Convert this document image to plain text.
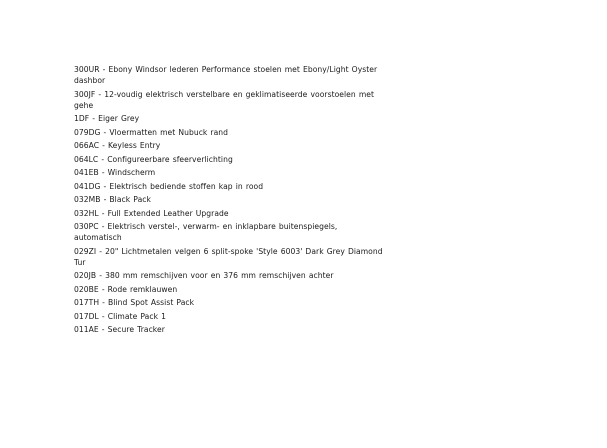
300UR - Ebony Windsor lederen Performance stoelen met Ebony/Light Oyster dashbor
300JF - 12-voudig elektrisch verstelbare en geklimatiseerde voorstoelen met gehe
1DF - Eiger Grey
079DG - Vloermatten met Nubuck rand
066AC - Keyless Entry
064LC - Configureerbare sfeerverlichting
041EB - Windscherm
041DG - Elektrisch bediende stoffen kap in rood
032MB - Black Pack
032HL - Full Extended Leather Upgrade
030PC - Elektrisch verstel-, verwarm- en inklapbare buitenspiegels, automatisch
029ZI - 20" Lichtmetalen velgen 6 split-spoke 'Style 6003' Dark Grey Diamond Tur
020JB - 380 mm remschijven voor en 376 mm remschijven achter
020BE - Rode remklauwen
017TH - Blind Spot Assist Pack
017DL - Climate Pack 1
011AE - Secure Tracker
